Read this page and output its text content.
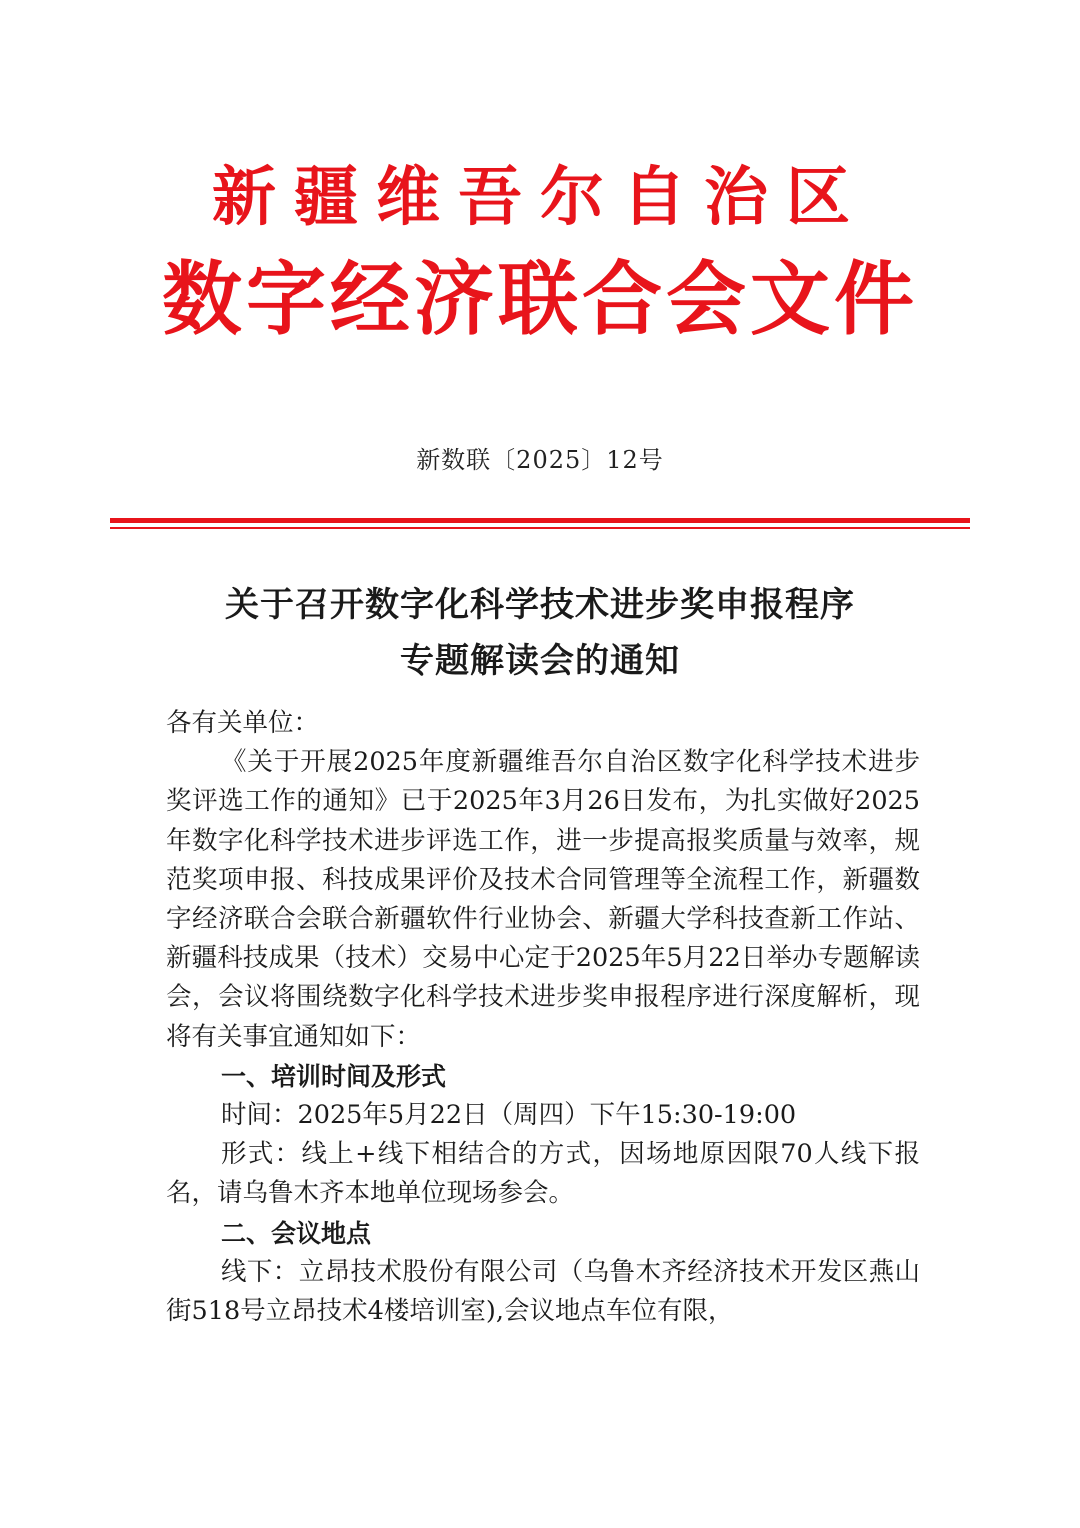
新疆维吾尔自治区
数字经济联合会文件
新数联〔2025〕12号
关于召开数字化科学技术进步奖申报程序
专题解读会的通知

各有关单位：

《关于开展2025年度新疆维吾尔自治区数字化科学技术进步奖评选工作的通知》已于2025年3月26日发布，为扎实做好2025年数字化科学技术进步评选工作，进一步提高报奖质量与效率，规范奖项申报、科技成果评价及技术合同管理等全流程工作，新疆数字经济联合会联合新疆软件行业协会、新疆大学科技查新工作站、新疆科技成果（技术）交易中心定于2025年5月22日举办专题解读会，会议将围绕数字化科学技术进步奖申报程序进行深度解析，现将有关事宜通知如下：

一、培训时间及形式

时间：2025年5月22日（周四）下午15:30-19:00

形式：线上+线下相结合的方式，因场地原因限70人线下报名，请乌鲁木齐本地单位现场参会。

二、会议地点

线下：立昂技术股份有限公司（乌鲁木齐经济技术开发区燕山街518号立昂技术4楼培训室),会议地点车位有限，
